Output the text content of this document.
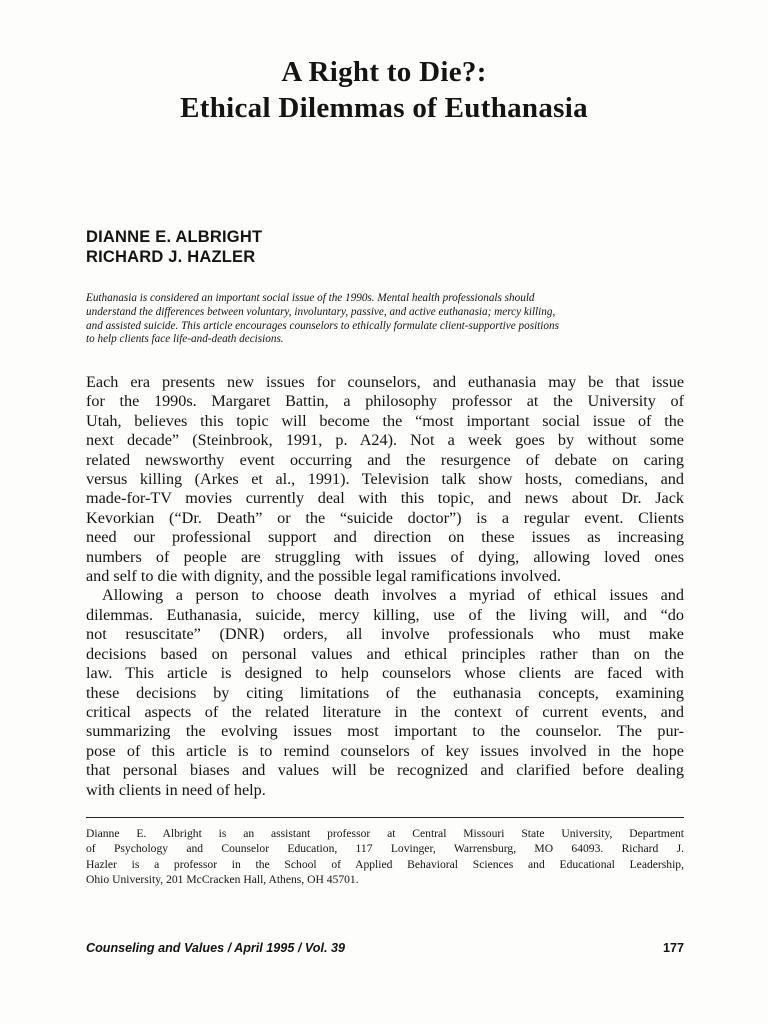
A Right to Die?:
Ethical Dilemmas of Euthanasia
DIANNE E. ALBRIGHT
RICHARD J. HAZLER
Euthanasia is considered an important social issue of the 1990s. Mental health professionals should
understand the differences between voluntary, involuntary, passive, and active euthanasia; mercy killing,
and assisted suicide. This article encourages counselors to ethically formulate client-supportive positions
to help clients face life-and-death decisions.
Each era presents new issues for counselors, and euthanasia may be that issue
for the 1990s. Margaret Battin, a philosophy professor at the University of
Utah, believes this topic will become the “most important social issue of the
next decade” (Steinbrook, 1991, p. A24). Not a week goes by without some
related newsworthy event occurring and the resurgence of debate on caring
versus killing (Arkes et al., 1991). Television talk show hosts, comedians, and
made-for-TV movies currently deal with this topic, and news about Dr. Jack
Kevorkian (“Dr. Death” or the “suicide doctor”) is a regular event. Clients
need our professional support and direction on these issues as increasing
numbers of people are struggling with issues of dying, allowing loved ones
and self to die with dignity, and the possible legal ramifications involved.
Allowing a person to choose death involves a myriad of ethical issues and
dilemmas. Euthanasia, suicide, mercy killing, use of the living will, and “do
not resuscitate” (DNR) orders, all involve professionals who must make
decisions based on personal values and ethical principles rather than on the
law. This article is designed to help counselors whose clients are faced with
these decisions by citing limitations of the euthanasia concepts, examining
critical aspects of the related literature in the context of current events, and
summarizing the evolving issues most important to the counselor. The pur-
pose of this article is to remind counselors of key issues involved in the hope
that personal biases and values will be recognized and clarified before dealing
with clients in need of help.
Dianne E. Albright is an assistant professor at Central Missouri State University, Department
of Psychology and Counselor Education, 117 Lovinger, Warrensburg, MO 64093. Richard J.
Hazler is a professor in the School of Applied Behavioral Sciences and Educational Leadership,
Ohio University, 201 McCracken Hall, Athens, OH 45701.
Counseling and Values / April 1995 / Vol. 39	177
